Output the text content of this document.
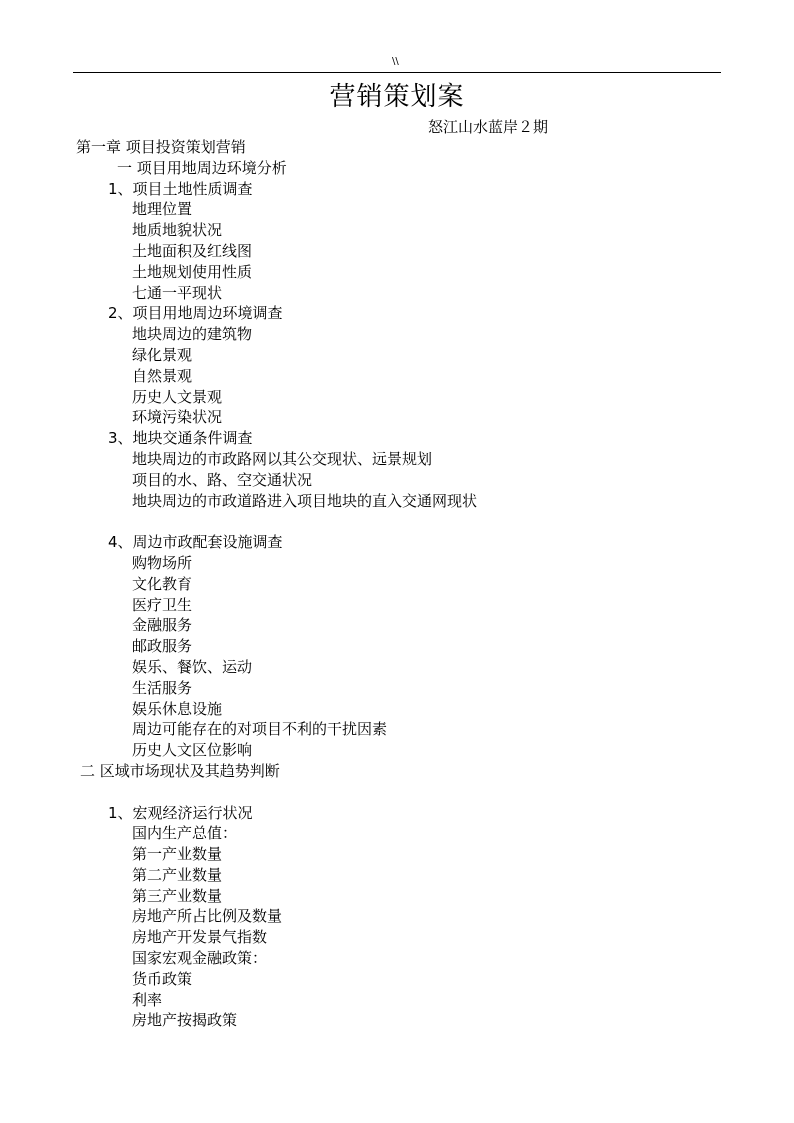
\\
营销策划案
怒江山水蓝岸２期
第一章 项目投资策划营销
一 项目用地周边环境分析
1、项目土地性质调查
地理位置
地质地貌状况
土地面积及红线图
土地规划使用性质
七通一平现状
2、项目用地周边环境调查
地块周边的建筑物
绿化景观
自然景观
历史人文景观
环境污染状况
3、地块交通条件调查
地块周边的市政路网以其公交现状、远景规划
项目的水、路、空交通状况
地块周边的市政道路进入项目地块的直入交通网现状
4、周边市政配套设施调查
购物场所
文化教育
医疗卫生
金融服务
邮政服务
娱乐、餐饮、运动
生活服务
娱乐休息设施
周边可能存在的对项目不利的干扰因素
历史人文区位影响
二 区域市场现状及其趋势判断
1、宏观经济运行状况
国内生产总值：
第一产业数量
第二产业数量
第三产业数量
房地产所占比例及数量
房地产开发景气指数
国家宏观金融政策：
货币政策
利率
房地产按揭政策
